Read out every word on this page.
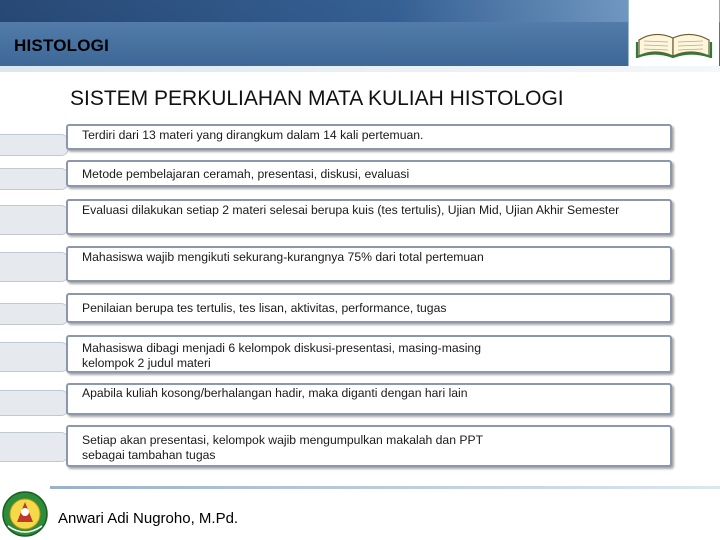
HISTOLOGI
SISTEM PERKULIAHAN MATA KULIAH HISTOLOGI
Terdiri dari 13 materi yang dirangkum dalam 14 kali pertemuan.
Metode pembelajaran ceramah, presentasi, diskusi, evaluasi
Evaluasi dilakukan setiap 2 materi selesai berupa kuis (tes tertulis), Ujian Mid, Ujian Akhir Semester
Mahasiswa wajib mengikuti sekurang-kurangnya 75% dari total pertemuan
Penilaian berupa tes tertulis, tes lisan, aktivitas, performance, tugas
Mahasiswa dibagi menjadi 6 kelompok diskusi-presentasi, masing-masing kelompok 2 judul materi
Apabila kuliah kosong/berhalangan hadir, maka diganti dengan hari lain
Setiap akan presentasi, kelompok wajib mengumpulkan makalah dan PPT sebagai tambahan tugas
Anwari Adi Nugroho, M.Pd.
